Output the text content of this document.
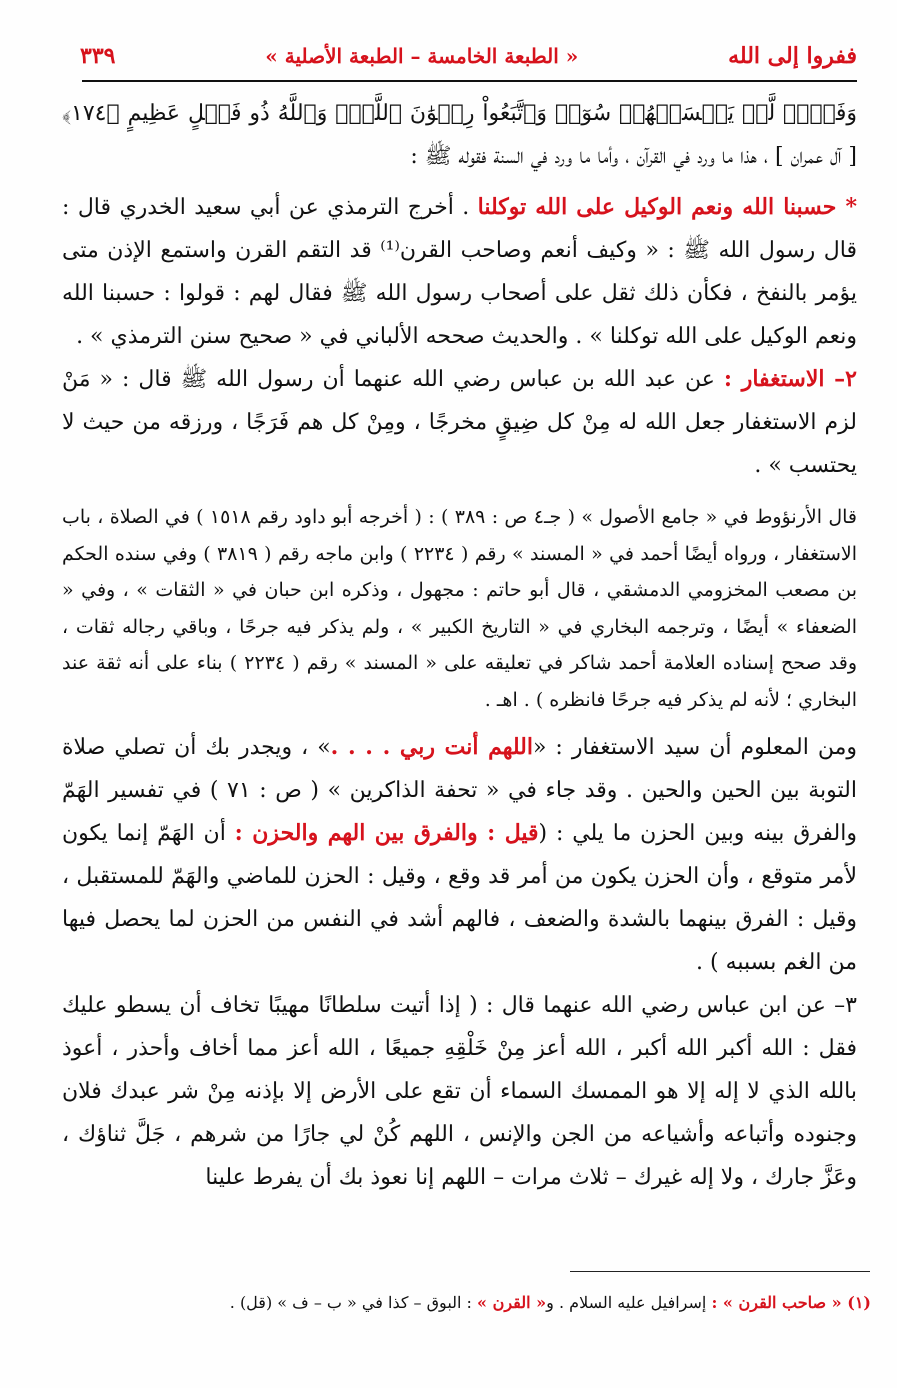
ففروا إلى الله
« الطبعة الخامسة – الطبعة الأصلية »
٣٣٩

وَفَضۡلٖ لَّمۡ يَمۡسَسۡهُمۡ سُوٓءٞ وَٱتَّبَعُواْ رِضۡوَٰنَ ٱللَّهِۗ وَٱللَّهُ ذُو فَضۡلٍ عَظِيمٍ ﴿١٧٤﴾ [ آل عمران ] ، هذا ما ورد في القرآن ، وأما ما ورد في السنة فقوله ﷺ :

* حسبنا الله ونعم الوكيل على الله توكلنا . أخرج الترمذي عن أبي سعيد الخدري قال : قال رسول الله ﷺ : « وكيف أنعم وصاحب القرن⁽¹⁾ قد التقم القرن واستمع الإذن متى يؤمر بالنفخ ، فكأن ذلك ثقل على أصحاب رسول الله ﷺ فقال لهم : قولوا : حسبنا الله ونعم الوكيل على الله توكلنا » . والحديث صححه الألباني في « صحيح سنن الترمذي » .

٢– الاستغفار : عن عبد الله بن عباس رضي الله عنهما أن رسول الله ﷺ قال : « مَنْ لزم الاستغفار جعل الله له مِنْ كل ضِيقٍ مخرجًا ، ومِنْ كل هم فَرَجًا ، ورزقه من حيث لا يحتسب » .

قال الأرنؤوط في « جامع الأصول » ( جـ٤ ص : ٣٨٩ ) : ( أخرجه أبو داود رقم ١٥١٨ ) في الصلاة ، باب الاستغفار ، ورواه أيضًا أحمد في « المسند » رقم ( ٢٢٣٤ ) وابن ماجه رقم ( ٣٨١٩ ) وفي سنده الحكم بن مصعب المخزومي الدمشقي ، قال أبو حاتم : مجهول ، وذكره ابن حبان في « الثقات » ، وفي « الضعفاء » أيضًا ، وترجمه البخاري في « التاريخ الكبير » ، ولم يذكر فيه جرحًا ، وباقي رجاله ثقات ، وقد صحح إسناده العلامة أحمد شاكر في تعليقه على « المسند » رقم ( ٢٢٣٤ ) بناء على أنه ثقة عند البخاري ؛ لأنه لم يذكر فيه جرحًا فانظره ) . اهـ .

ومن المعلوم أن سيد الاستغفار : «اللهم أنت ربي . . . .» ، ويجدر بك أن تصلي صلاة التوبة بين الحين والحين . وقد جاء في « تحفة الذاكرين » ( ص : ٧١ ) في تفسير الهَمّ والفرق بينه وبين الحزن ما يلي : (قيل : والفرق بين الهم والحزن : أن الهَمّ إنما يكون لأمر متوقع ، وأن الحزن يكون من أمر قد وقع ، وقيل : الحزن للماضي والهَمّ للمستقبل ، وقيل : الفرق بينهما بالشدة والضعف ، فالهم أشد في النفس من الحزن لما يحصل فيها من الغم بسببه ) .

٣– عن ابن عباس رضي الله عنهما قال : ( إذا أتيت سلطانًا مهيبًا تخاف أن يسطو عليك فقل : الله أكبر الله أكبر ، الله أعز مِنْ خَلْقِهِ جميعًا ، الله أعز مما أخاف وأحذر ، أعوذ بالله الذي لا إله إلا هو الممسك السماء أن تقع على الأرض إلا بإذنه مِنْ شر عبدك فلان وجنوده وأتباعه وأشياعه من الجن والإنس ، اللهم كُنْ لي جارًا من شرهم ، جَلَّ ثناؤك ، وعَزَّ جارك ، ولا إله غيرك – ثلاث مرات – اللهم إنا نعوذ بك أن يفرط علينا

(١) « صاحب القرن » : إسرافيل عليه السلام . و« القرن » : البوق – كذا في « ب – ف » (قل) .
